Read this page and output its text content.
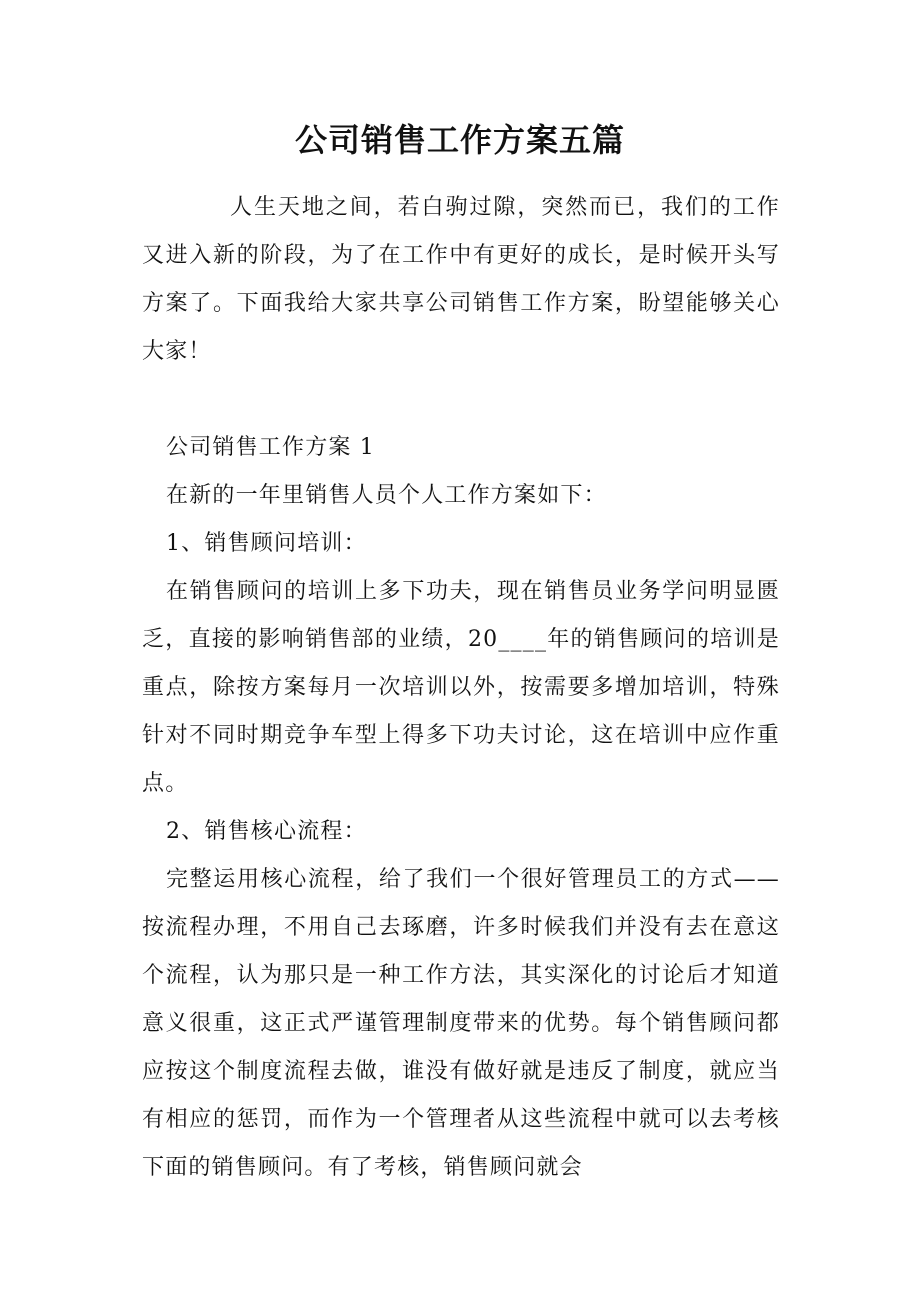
公司销售工作方案五篇

人生天地之间，若白驹过隙，突然而已，我们的工作又进入新的阶段，为了在工作中有更好的成长，是时候开头写方案了。下面我给大家共享公司销售工作方案，盼望能够关心大家！

公司销售工作方案 1

在新的一年里销售人员个人工作方案如下：

1、销售顾问培训：

在销售顾问的培训上多下功夫，现在销售员业务学问明显匮乏，直接的影响销售部的业绩，20____年的销售顾问的培训是重点，除按方案每月一次培训以外，按需要多增加培训，特殊针对不同时期竞争车型上得多下功夫讨论，这在培训中应作重点。

2、销售核心流程：

完整运用核心流程，给了我们一个很好管理员工的方式——按流程办理，不用自己去琢磨，许多时候我们并没有去在意这个流程，认为那只是一种工作方法，其实深化的讨论后才知道意义很重，这正式严谨管理制度带来的优势。每个销售顾问都应按这个制度流程去做，谁没有做好就是违反了制度，就应当有相应的惩罚，而作为一个管理者从这些流程中就可以去考核下面的销售顾问。有了考核，销售顾问就会
